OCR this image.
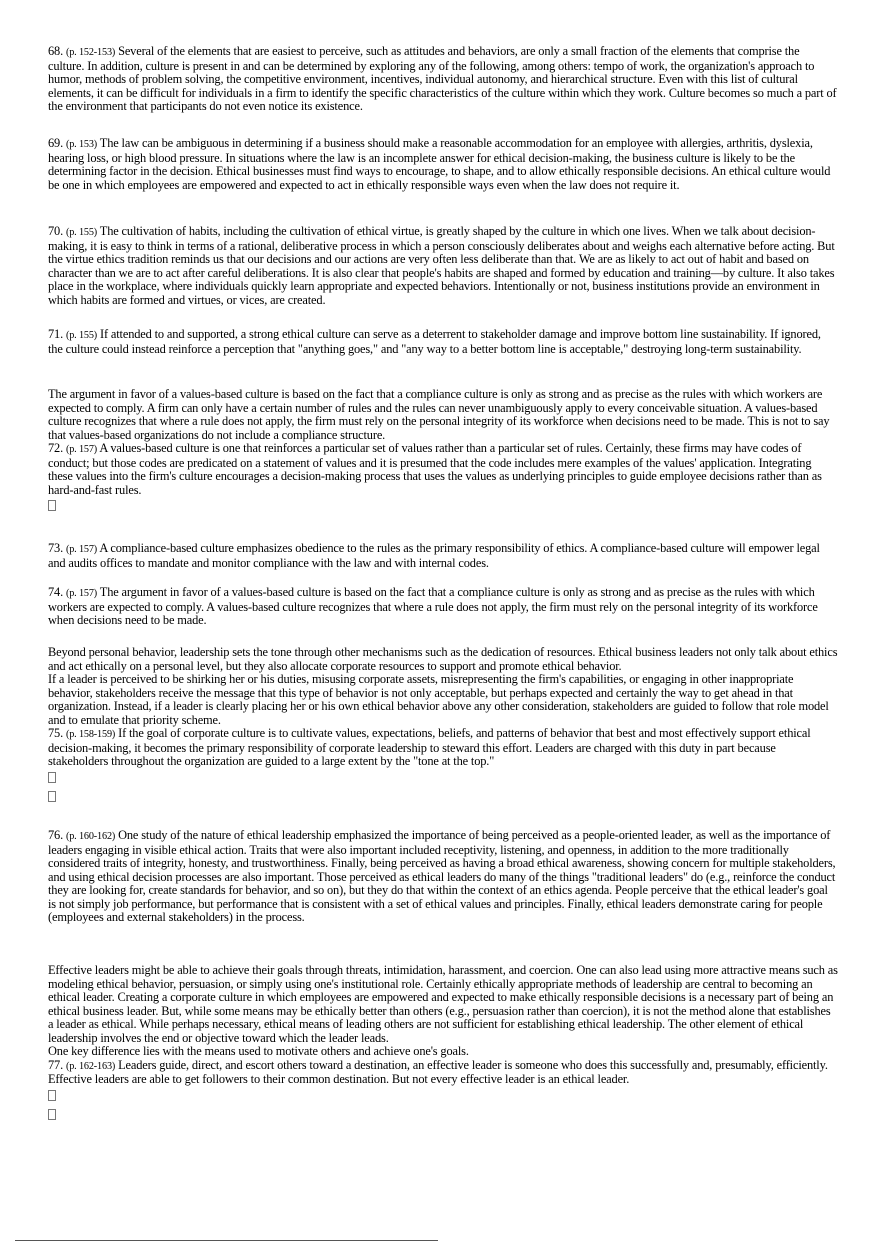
68. (p. 152-153) Several of the elements that are easiest to perceive, such as attitudes and behaviors, are only a small fraction of the elements that comprise the culture. In addition, culture is present in and can be determined by exploring any of the following, among others: tempo of work, the organization's approach to humor, methods of problem solving, the competitive environment, incentives, individual autonomy, and hierarchical structure. Even with this list of cultural elements, it can be difficult for individuals in a firm to identify the specific characteristics of the culture within which they work. Culture becomes so much a part of the environment that participants do not even notice its existence.

69. (p. 153) The law can be ambiguous in determining if a business should make a reasonable accommodation for an employee with allergies, arthritis, dyslexia, hearing loss, or high blood pressure. In situations where the law is an incomplete answer for ethical decision-making, the business culture is likely to be the determining factor in the decision. Ethical businesses must find ways to encourage, to shape, and to allow ethically responsible decisions. An ethical culture would be one in which employees are empowered and expected to act in ethically responsible ways even when the law does not require it.

70. (p. 155) The cultivation of habits, including the cultivation of ethical virtue, is greatly shaped by the culture in which one lives. When we talk about decision-making, it is easy to think in terms of a rational, deliberative process in which a person consciously deliberates about and weighs each alternative before acting. But the virtue ethics tradition reminds us that our decisions and our actions are very often less deliberate than that. We are as likely to act out of habit and based on character than we are to act after careful deliberations. It is also clear that people's habits are shaped and formed by education and training—by culture. It also takes place in the workplace, where individuals quickly learn appropriate and expected behaviors. Intentionally or not, business institutions provide an environment in which habits are formed and virtues, or vices, are created.

71. (p. 155) If attended to and supported, a strong ethical culture can serve as a deterrent to stakeholder damage and improve bottom line sustainability. If ignored, the culture could instead reinforce a perception that "anything goes," and "any way to a better bottom line is acceptable," destroying long-term sustainability.

The argument in favor of a values-based culture is based on the fact that a compliance culture is only as strong and as precise as the rules with which workers are expected to comply. A firm can only have a certain number of rules and the rules can never unambiguously apply to every conceivable situation. A values-based culture recognizes that where a rule does not apply, the firm must rely on the personal integrity of its workforce when decisions need to be made. This is not to say that values-based organizations do not include a compliance structure.

72. (p. 157) A values-based culture is one that reinforces a particular set of values rather than a particular set of rules. Certainly, these firms may have codes of conduct; but those codes are predicated on a statement of values and it is presumed that the code includes mere examples of the values' application. Integrating these values into the firm's culture encourages a decision-making process that uses the values as underlying principles to guide employee decisions rather than as hard-and-fast rules.

73. (p. 157) A compliance-based culture emphasizes obedience to the rules as the primary responsibility of ethics. A compliance-based culture will empower legal and audits offices to mandate and monitor compliance with the law and with internal codes.

74. (p. 157) The argument in favor of a values-based culture is based on the fact that a compliance culture is only as strong and as precise as the rules with which workers are expected to comply. A values-based culture recognizes that where a rule does not apply, the firm must rely on the personal integrity of its workforce when decisions need to be made.

Beyond personal behavior, leadership sets the tone through other mechanisms such as the dedication of resources. Ethical business leaders not only talk about ethics and act ethically on a personal level, but they also allocate corporate resources to support and promote ethical behavior.

If a leader is perceived to be shirking her or his duties, misusing corporate assets, misrepresenting the firm's capabilities, or engaging in other inappropriate behavior, stakeholders receive the message that this type of behavior is not only acceptable, but perhaps expected and certainly the way to get ahead in that organization. Instead, if a leader is clearly placing her or his own ethical behavior above any other consideration, stakeholders are guided to follow that role model and to emulate that priority scheme.

75. (p. 158-159) If the goal of corporate culture is to cultivate values, expectations, beliefs, and patterns of behavior that best and most effectively support ethical decision-making, it becomes the primary responsibility of corporate leadership to steward this effort. Leaders are charged with this duty in part because stakeholders throughout the organization are guided to a large extent by the "tone at the top."

76. (p. 160-162) One study of the nature of ethical leadership emphasized the importance of being perceived as a people-oriented leader, as well as the importance of leaders engaging in visible ethical action. Traits that were also important included receptivity, listening, and openness, in addition to the more traditionally considered traits of integrity, honesty, and trustworthiness. Finally, being perceived as having a broad ethical awareness, showing concern for multiple stakeholders, and using ethical decision processes are also important. Those perceived as ethical leaders do many of the things "traditional leaders" do (e.g., reinforce the conduct they are looking for, create standards for behavior, and so on), but they do that within the context of an ethics agenda. People perceive that the ethical leader's goal is not simply job performance, but performance that is consistent with a set of ethical values and principles. Finally, ethical leaders demonstrate caring for people (employees and external stakeholders) in the process.

Effective leaders might be able to achieve their goals through threats, intimidation, harassment, and coercion. One can also lead using more attractive means such as modeling ethical behavior, persuasion, or simply using one's institutional role. Certainly ethically appropriate methods of leadership are central to becoming an ethical leader. Creating a corporate culture in which employees are empowered and expected to make ethically responsible decisions is a necessary part of being an ethical business leader. But, while some means may be ethically better than others (e.g., persuasion rather than coercion), it is not the method alone that establishes a leader as ethical. While perhaps necessary, ethical means of leading others are not sufficient for establishing ethical leadership. The other element of ethical leadership involves the end or objective toward which the leader leads.

One key difference lies with the means used to motivate others and achieve one's goals.

77. (p. 162-163) Leaders guide, direct, and escort others toward a destination, an effective leader is someone who does this successfully and, presumably, efficiently. Effective leaders are able to get followers to their common destination. But not every effective leader is an ethical leader.
